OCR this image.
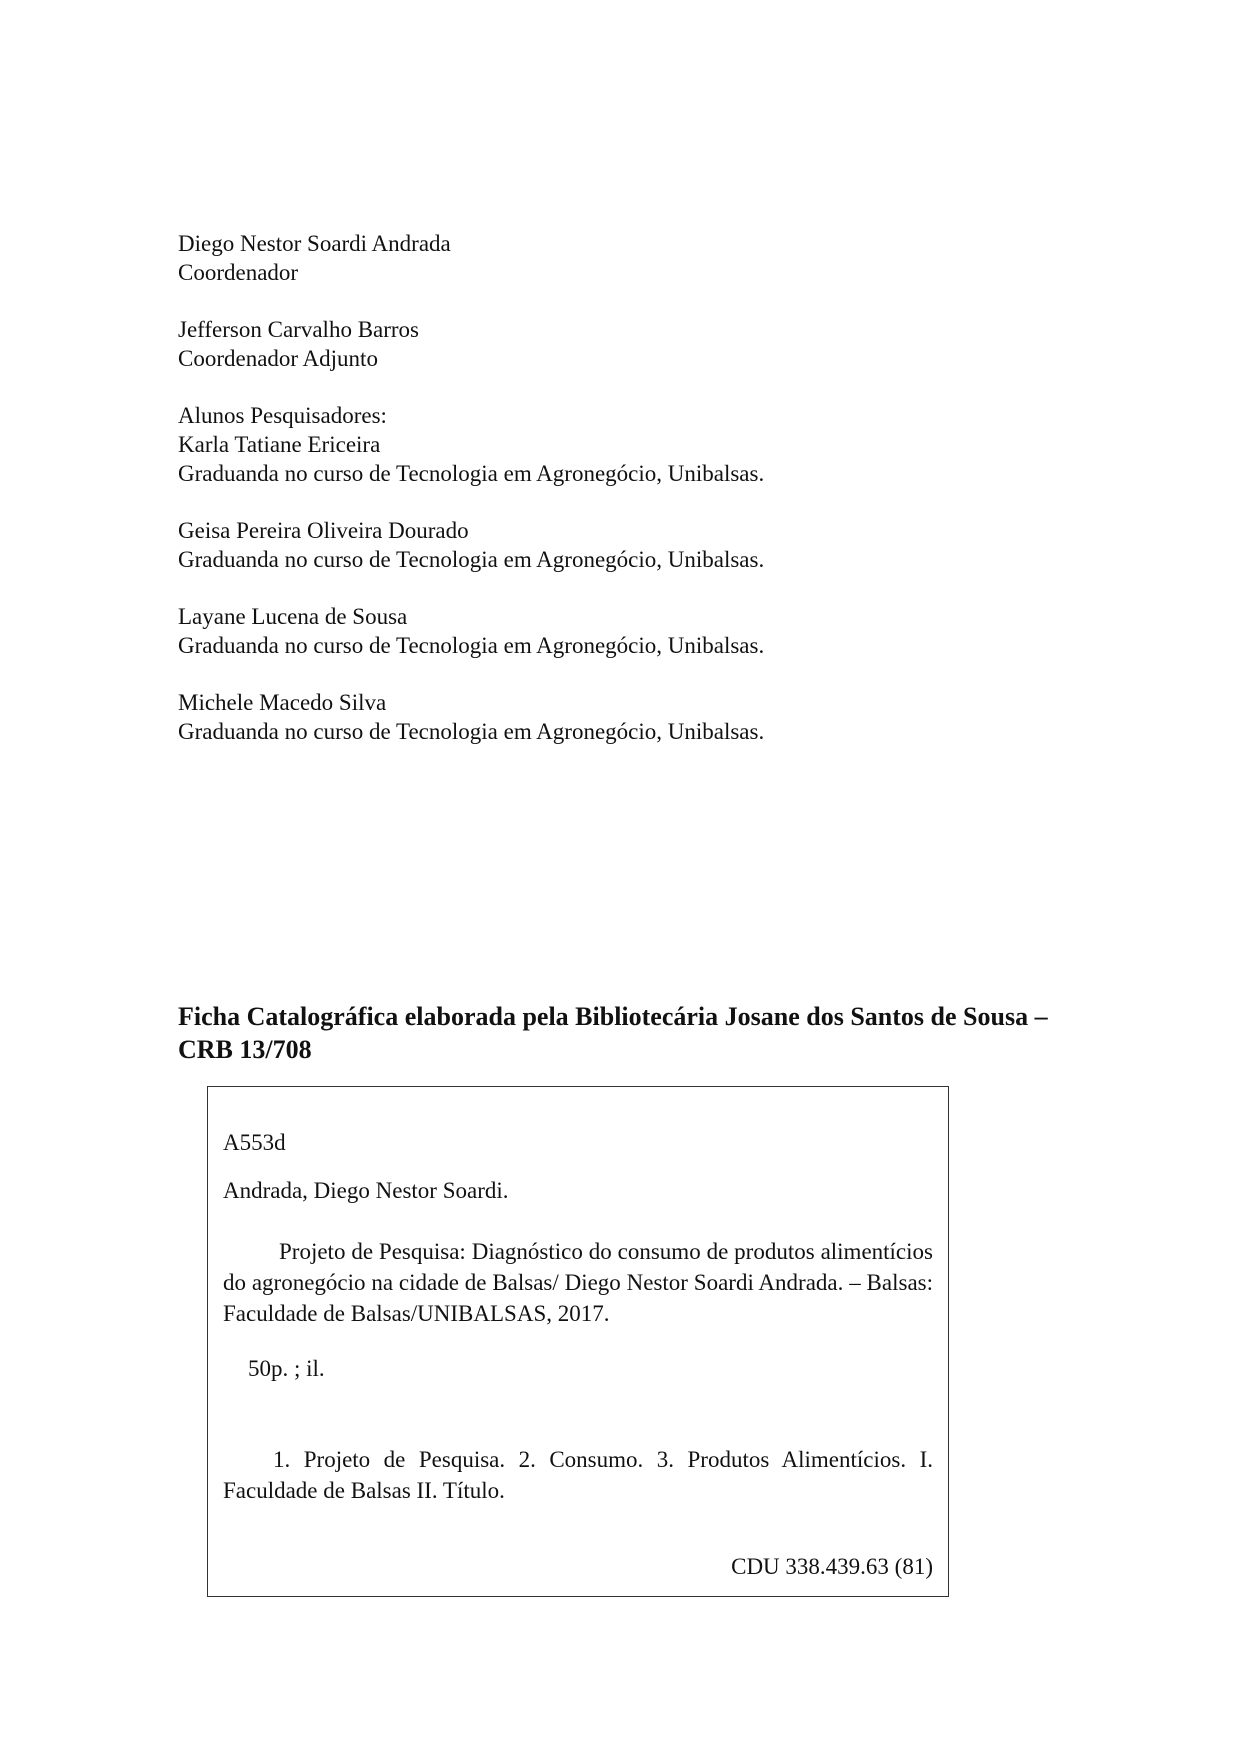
Diego Nestor Soardi Andrada

Coordenador

Jefferson Carvalho Barros

Coordenador Adjunto

Alunos Pesquisadores:

Karla Tatiane Ericeira

Graduanda no curso de Tecnologia em Agronegócio, Unibalsas.

Geisa Pereira Oliveira Dourado

Graduanda no curso de Tecnologia em Agronegócio, Unibalsas.

Layane Lucena de Sousa

Graduanda no curso de Tecnologia em Agronegócio, Unibalsas.

Michele Macedo Silva

Graduanda no curso de Tecnologia em Agronegócio, Unibalsas.

Ficha Catalográfica elaborada pela Bibliotecária Josane dos Santos de Sousa – CRB 13/708

A553d

Andrada, Diego Nestor Soardi.

Projeto de Pesquisa: Diagnóstico do consumo de produtos alimentícios do agronegócio na cidade de Balsas/ Diego Nestor Soardi Andrada. – Balsas: Faculdade de Balsas/UNIBALSAS, 2017.

50p. ; il.

1. Projeto de Pesquisa. 2. Consumo. 3. Produtos Alimentícios. I. Faculdade de Balsas II. Título.

CDU 338.439.63 (81)
